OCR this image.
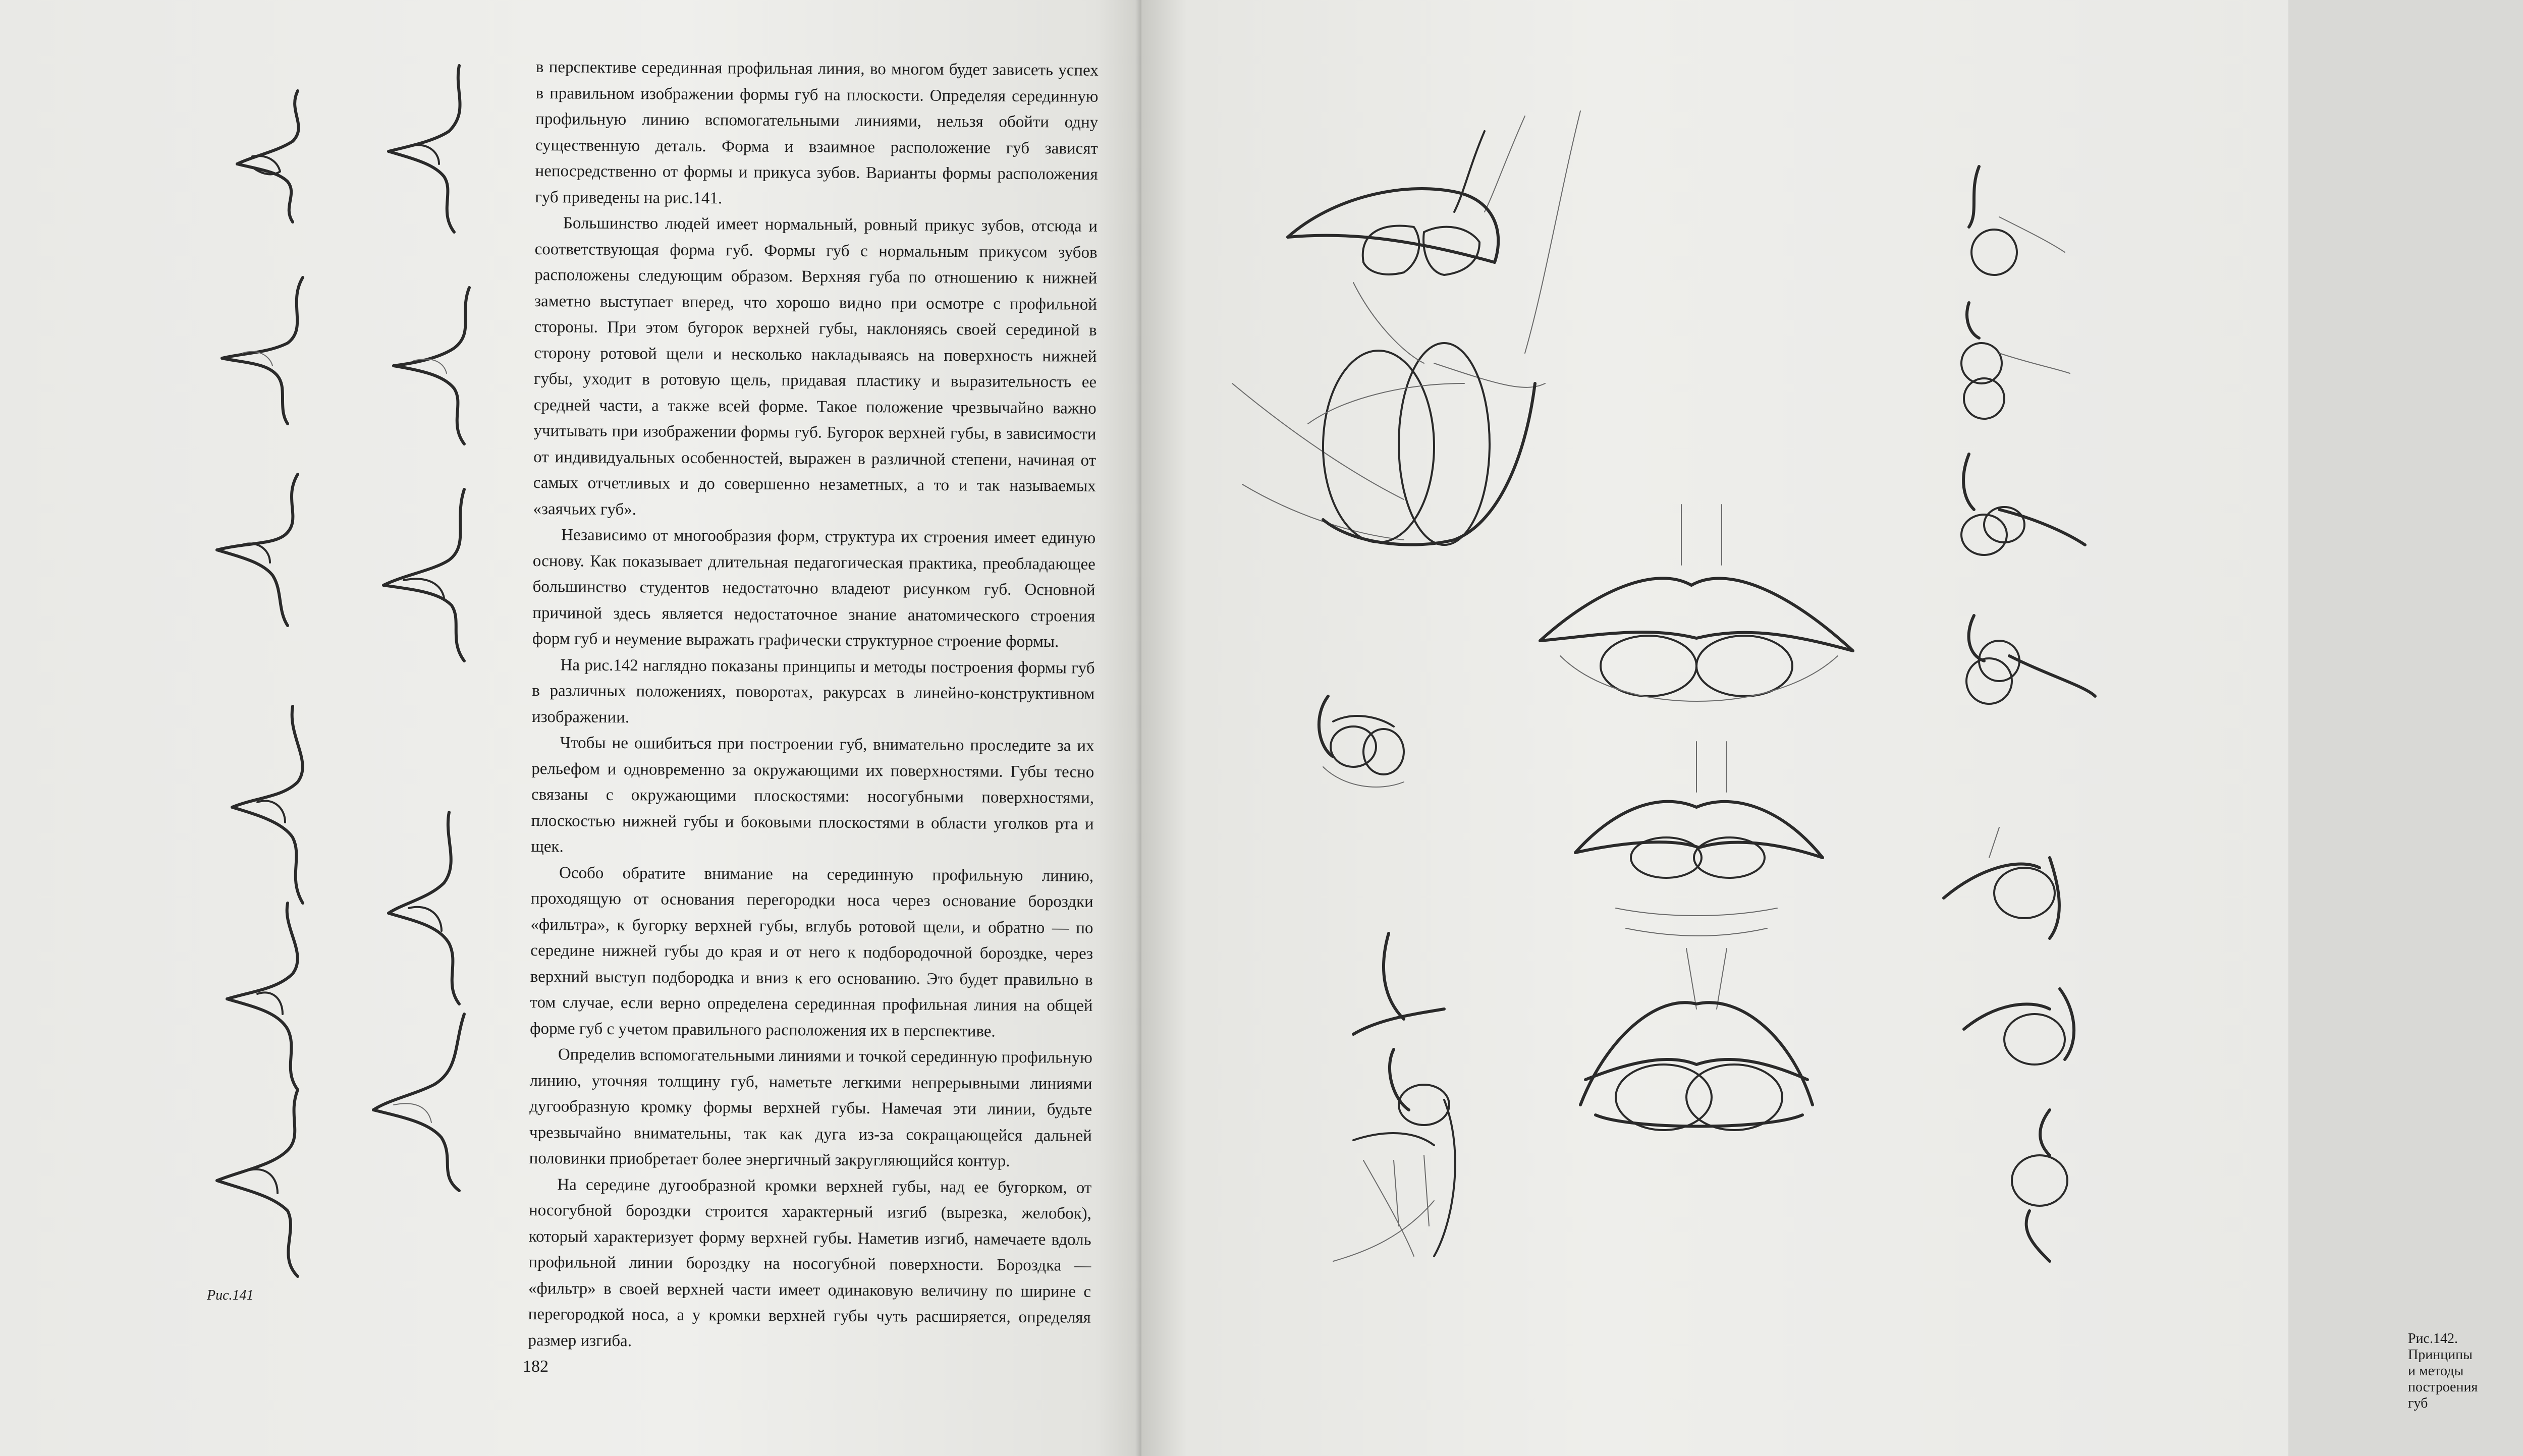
Рис.141

в перспективе серединная профильная линия, во многом будет зависеть успех в правильном изображении формы губ на плоскости. Определяя серединную профильную линию вспомогательными линиями, нельзя обойти одну существенную деталь. Форма и взаимное расположение губ зависят непосредственно от формы и прикуса зубов. Варианты формы расположения губ приведены на рис.141.

Большинство людей имеет нормальный, ровный прикус зубов, отсюда и соответствующая форма губ. Формы губ с нормальным прикусом зубов расположены следующим образом. Верхняя губа по отношению к нижней заметно выступает вперед, что хорошо видно при осмотре с профильной стороны. При этом бугорок верхней губы, наклоняясь своей серединой в сторону ротовой щели и несколько накладываясь на поверхность нижней губы, уходит в ротовую щель, придавая пластику и выразительность ее средней части, а также всей форме. Такое положение чрезвычайно важно учитывать при изображении формы губ. Бугорок верхней губы, в зависимости от индивидуальных особенностей, выражен в различной степени, начиная от самых отчетливых и до совершенно незаметных, а то и так называемых «заячьих губ».

Независимо от многообразия форм, структура их строения имеет единую основу. Как показывает длительная педагогическая практика, преобладающее большинство студентов недостаточно владеют рисунком губ. Основной причиной здесь является недостаточное знание анатомического строения форм губ и неумение выражать графически структурное строение формы.

На рис.142 наглядно показаны принципы и методы построения формы губ в различных положениях, поворотах, ракурсах в линейно-конструктивном изображении.

Чтобы не ошибиться при построении губ, внимательно проследите за их рельефом и одновременно за окружающими их поверхностями. Губы тесно связаны с окружающими плоскостями: носогубными поверхностями, плоскостью нижней губы и боковыми плоскостями в области уголков рта и щек.

Особо обратите внимание на серединную профильную линию, проходящую от основания перегородки носа через основание бороздки «фильтра», к бугорку верхней губы, вглубь ротовой щели, и обратно — по середине нижней губы до края и от него к подбородочной бороздке, через верхний выступ подбородка и вниз к его основанию. Это будет правильно в том случае, если верно определена серединная профильная линия на общей форме губ с учетом правильного расположения их в перспективе.

Определив вспомогательными линиями и точкой серединную профильную линию, уточняя толщину губ, наметьте легкими непрерывными линиями дугообразную кромку формы верхней губы. Намечая эти линии, будьте чрезвычайно внимательны, так как дуга из-за сокращающейся дальней половинки приобретает более энергичный закругляющийся контур.

На середине дугообразной кромки верхней губы, над ее бугорком, от носогубной бороздки строится характерный изгиб (вырезка, желобок), который характеризует форму верхней губы. Наметив изгиб, намечаете вдоль профильной линии бороздку на носогубной поверхности. Бороздка — «фильтр» в своей верхней части имеет одинаковую величину по ширине с перегородкой носа, а у кромки верхней губы чуть расширяется, определяя размер изгиба.

182
Рис.142. Принципы и методы построения губ
